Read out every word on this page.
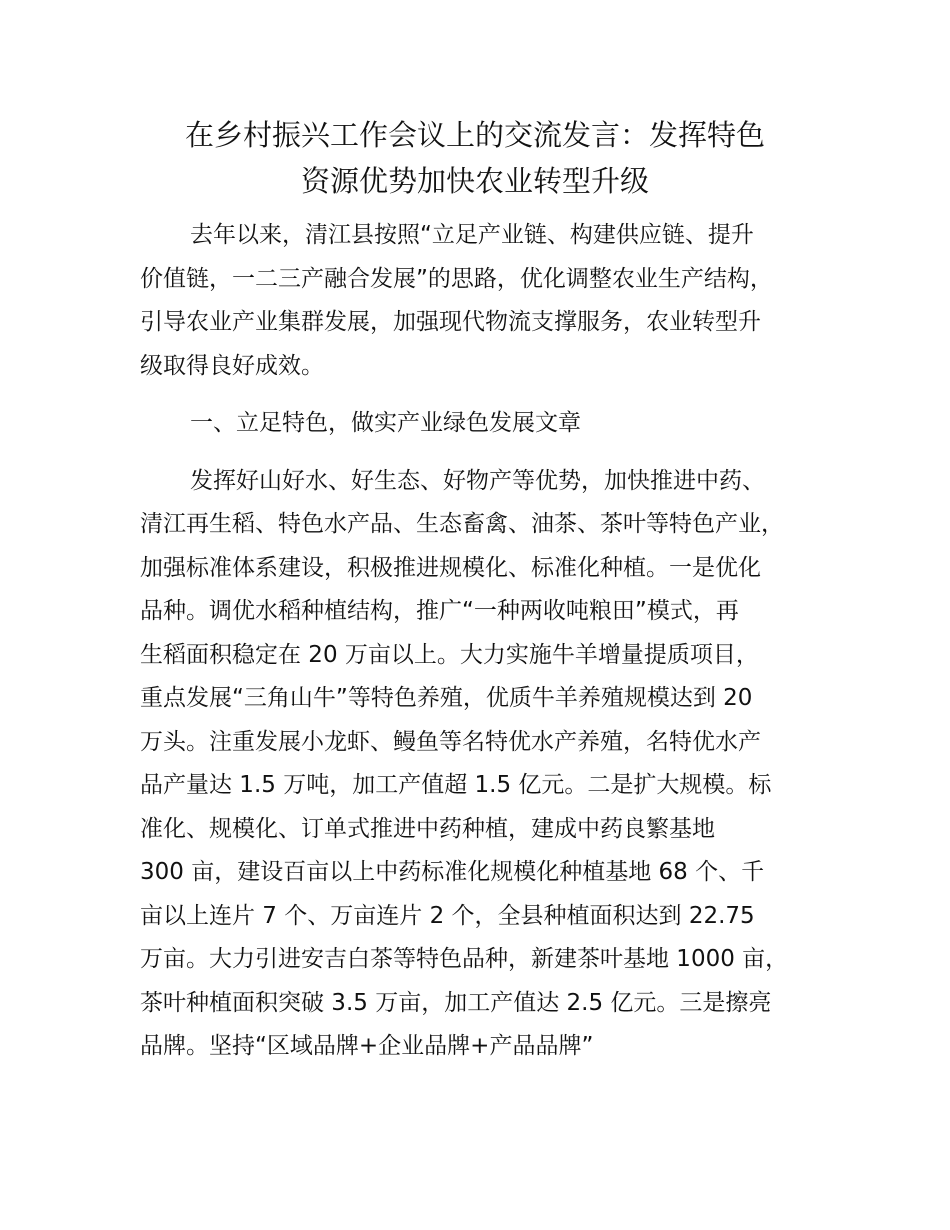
在乡村振兴工作会议上的交流发言：发挥特色
资源优势加快农业转型升级

去年以来，清江县按照“立足产业链、构建供应链、提升
价值链，一二三产融合发展”的思路，优化调整农业生产结构，
引导农业产业集群发展，加强现代物流支撑服务，农业转型升
级取得良好成效。

一、立足特色，做实产业绿色发展文章

发挥好山好水、好生态、好物产等优势，加快推进中药、
清江再生稻、特色水产品、生态畜禽、油茶、茶叶等特色产业，
加强标准体系建设，积极推进规模化、标准化种植。一是优化
品种。调优水稻种植结构，推广“一种两收吨粮田”模式，再
生稻面积稳定在 20 万亩以上。大力实施牛羊增量提质项目，
重点发展“三角山牛”等特色养殖，优质牛羊养殖规模达到 20
万头。注重发展小龙虾、鳗鱼等名特优水产养殖，名特优水产
品产量达 1.5 万吨，加工产值超 1.5 亿元。二是扩大规模。标
准化、规模化、订单式推进中药种植，建成中药良繁基地
300 亩，建设百亩以上中药标准化规模化种植基地 68 个、千
亩以上连片 7 个、万亩连片 2 个，全县种植面积达到 22.75
万亩。大力引进安吉白茶等特色品种，新建茶叶基地 1000 亩，
茶叶种植面积突破 3.5 万亩，加工产值达 2.5 亿元。三是擦亮
品牌。坚持“区域品牌+企业品牌+产品品牌”
